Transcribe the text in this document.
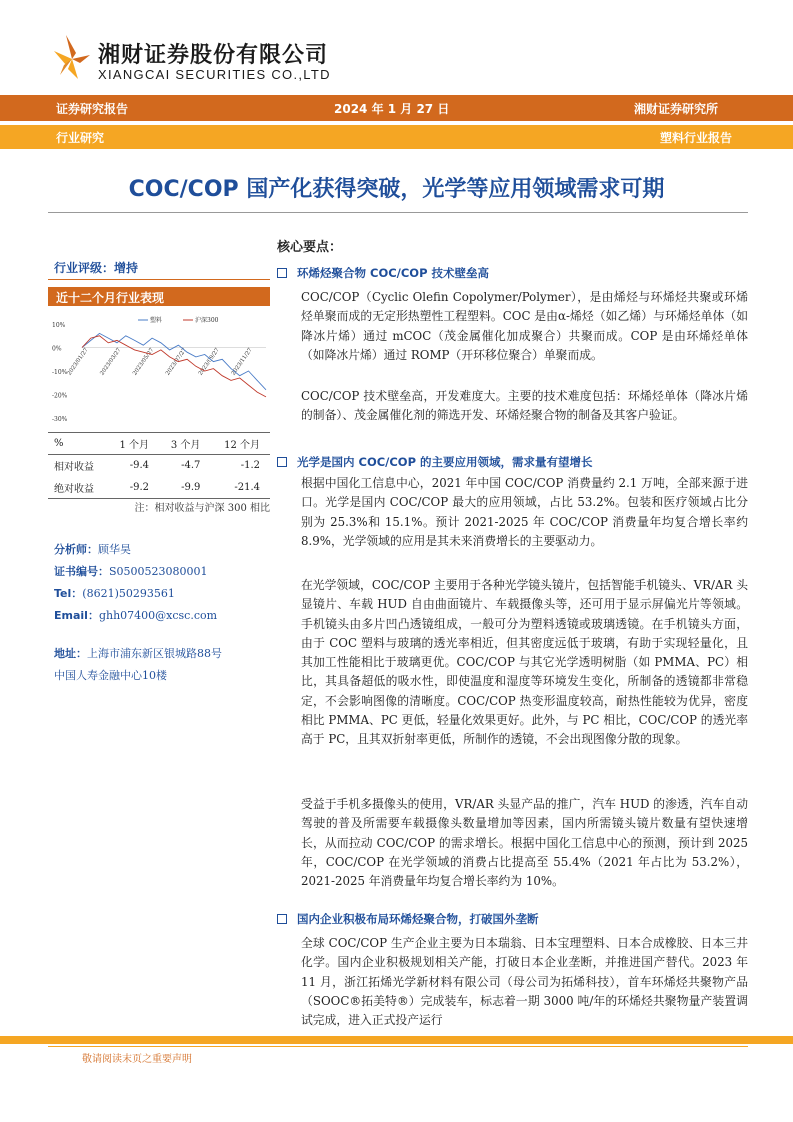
湘财证券股份有限公司
XIANGCAI SECURITIES CO.,LTD
证券研究报告	2024 年 1 月 27 日	湘财证券研究所
行业研究	塑料行业报告
COC/COP 国产化获得突破，光学等应用领域需求可期
核心要点：
行业评级：增持
近十二个月行业表现
10%
0%
-10%
-20%
-30%
2023/01/27 2023/03/27 2023/05/27 2023/07/27 2023/09/27 2023/11/27
塑料	沪深300
%	1 个月	3 个月	12 个月
相对收益	-9.4	-4.7	-1.2
绝对收益	-9.2	-9.9	-21.4
注：相对收益与沪深 300 相比
分析师：顾华昊
证书编号：S0500523080001
Tel：(8621)50293561
Email：ghh07400@xcsc.com
地址：上海市浦东新区银城路88号
中国人寿金融中心10楼
环烯烃聚合物 COC/COP 技术壁垒高
COC/COP（Cyclic Olefin Copolymer/Polymer），是由烯烃与环烯烃共聚或环烯烃单聚而成的无定形热塑性工程塑料。COC 是由α-烯烃（如乙烯）与环烯烃单体（如降冰片烯）通过 mCOC（茂金属催化加成聚合）共聚而成。COP 是由环烯烃单体（如降冰片烯）通过 ROMP（开环移位聚合）单聚而成。
COC/COP 技术壁垒高，开发难度大。主要的技术难度包括：环烯烃单体（降冰片烯的制备）、茂金属催化剂的筛选开发、环烯烃聚合物的制备及其客户验证。
光学是国内 COC/COP 的主要应用领域，需求量有望增长
根据中国化工信息中心，2021 年中国 COC/COP 消费量约 2.1 万吨，全部来源于进口。光学是国内 COC/COP 最大的应用领域，占比 53.2%。包装和医疗领域占比分别为 25.3%和 15.1%。预计 2021-2025 年 COC/COP 消费量年均复合增长率约 8.9%，光学领域的应用是其未来消费增长的主要驱动力。
在光学领域，COC/COP 主要用于各种光学镜头镜片，包括智能手机镜头、VR/AR 头显镜片、车载 HUD 自由曲面镜片、车载摄像头等，还可用于显示屏偏光片等领域。手机镜头由多片凹凸透镜组成，一般可分为塑料透镜或玻璃透镜。在手机镜头方面，由于 COC 塑料与玻璃的透光率相近，但其密度远低于玻璃，有助于实现轻量化，且其加工性能相比于玻璃更优。COC/COP 与其它光学透明树脂（如 PMMA、PC）相比，其具备超低的吸水性，即使温度和湿度等环境发生变化，所制备的透镜都非常稳定，不会影响图像的清晰度。COC/COP 热变形温度较高，耐热性能较为优异，密度相比 PMMA、PC 更低，轻量化效果更好。此外，与 PC 相比，COC/COP 的透光率高于 PC，且其双折射率更低，所制作的透镜，不会出现图像分散的现象。
受益于手机多摄像头的使用，VR/AR 头显产品的推广，汽车 HUD 的渗透，汽车自动驾驶的普及所需要车载摄像头数量增加等因素，国内所需镜头镜片数量有望快速增长，从而拉动 COC/COP 的需求增长。根据中国化工信息中心的预测，预计到 2025 年，COC/COP 在光学领域的消费占比提高至 55.4%（2021 年占比为 53.2%），2021-2025 年消费量年均复合增长率约为 10%。
国内企业积极布局环烯烃聚合物，打破国外垄断
全球 COC/COP 生产企业主要为日本瑞翁、日本宝理塑料、日本合成橡胶、日本三井化学。国内企业积极规划相关产能，打破日本企业垄断，并推进国产替代。2023 年 11 月，浙江拓烯光学新材料有限公司（母公司为拓烯科技），首车环烯烃共聚物产品（SOOC®拓美特®）完成装车，标志着一期 3000 吨/年的环烯烃共聚物量产装置调试完成，进入正式投产运行
敬请阅读末页之重要声明
